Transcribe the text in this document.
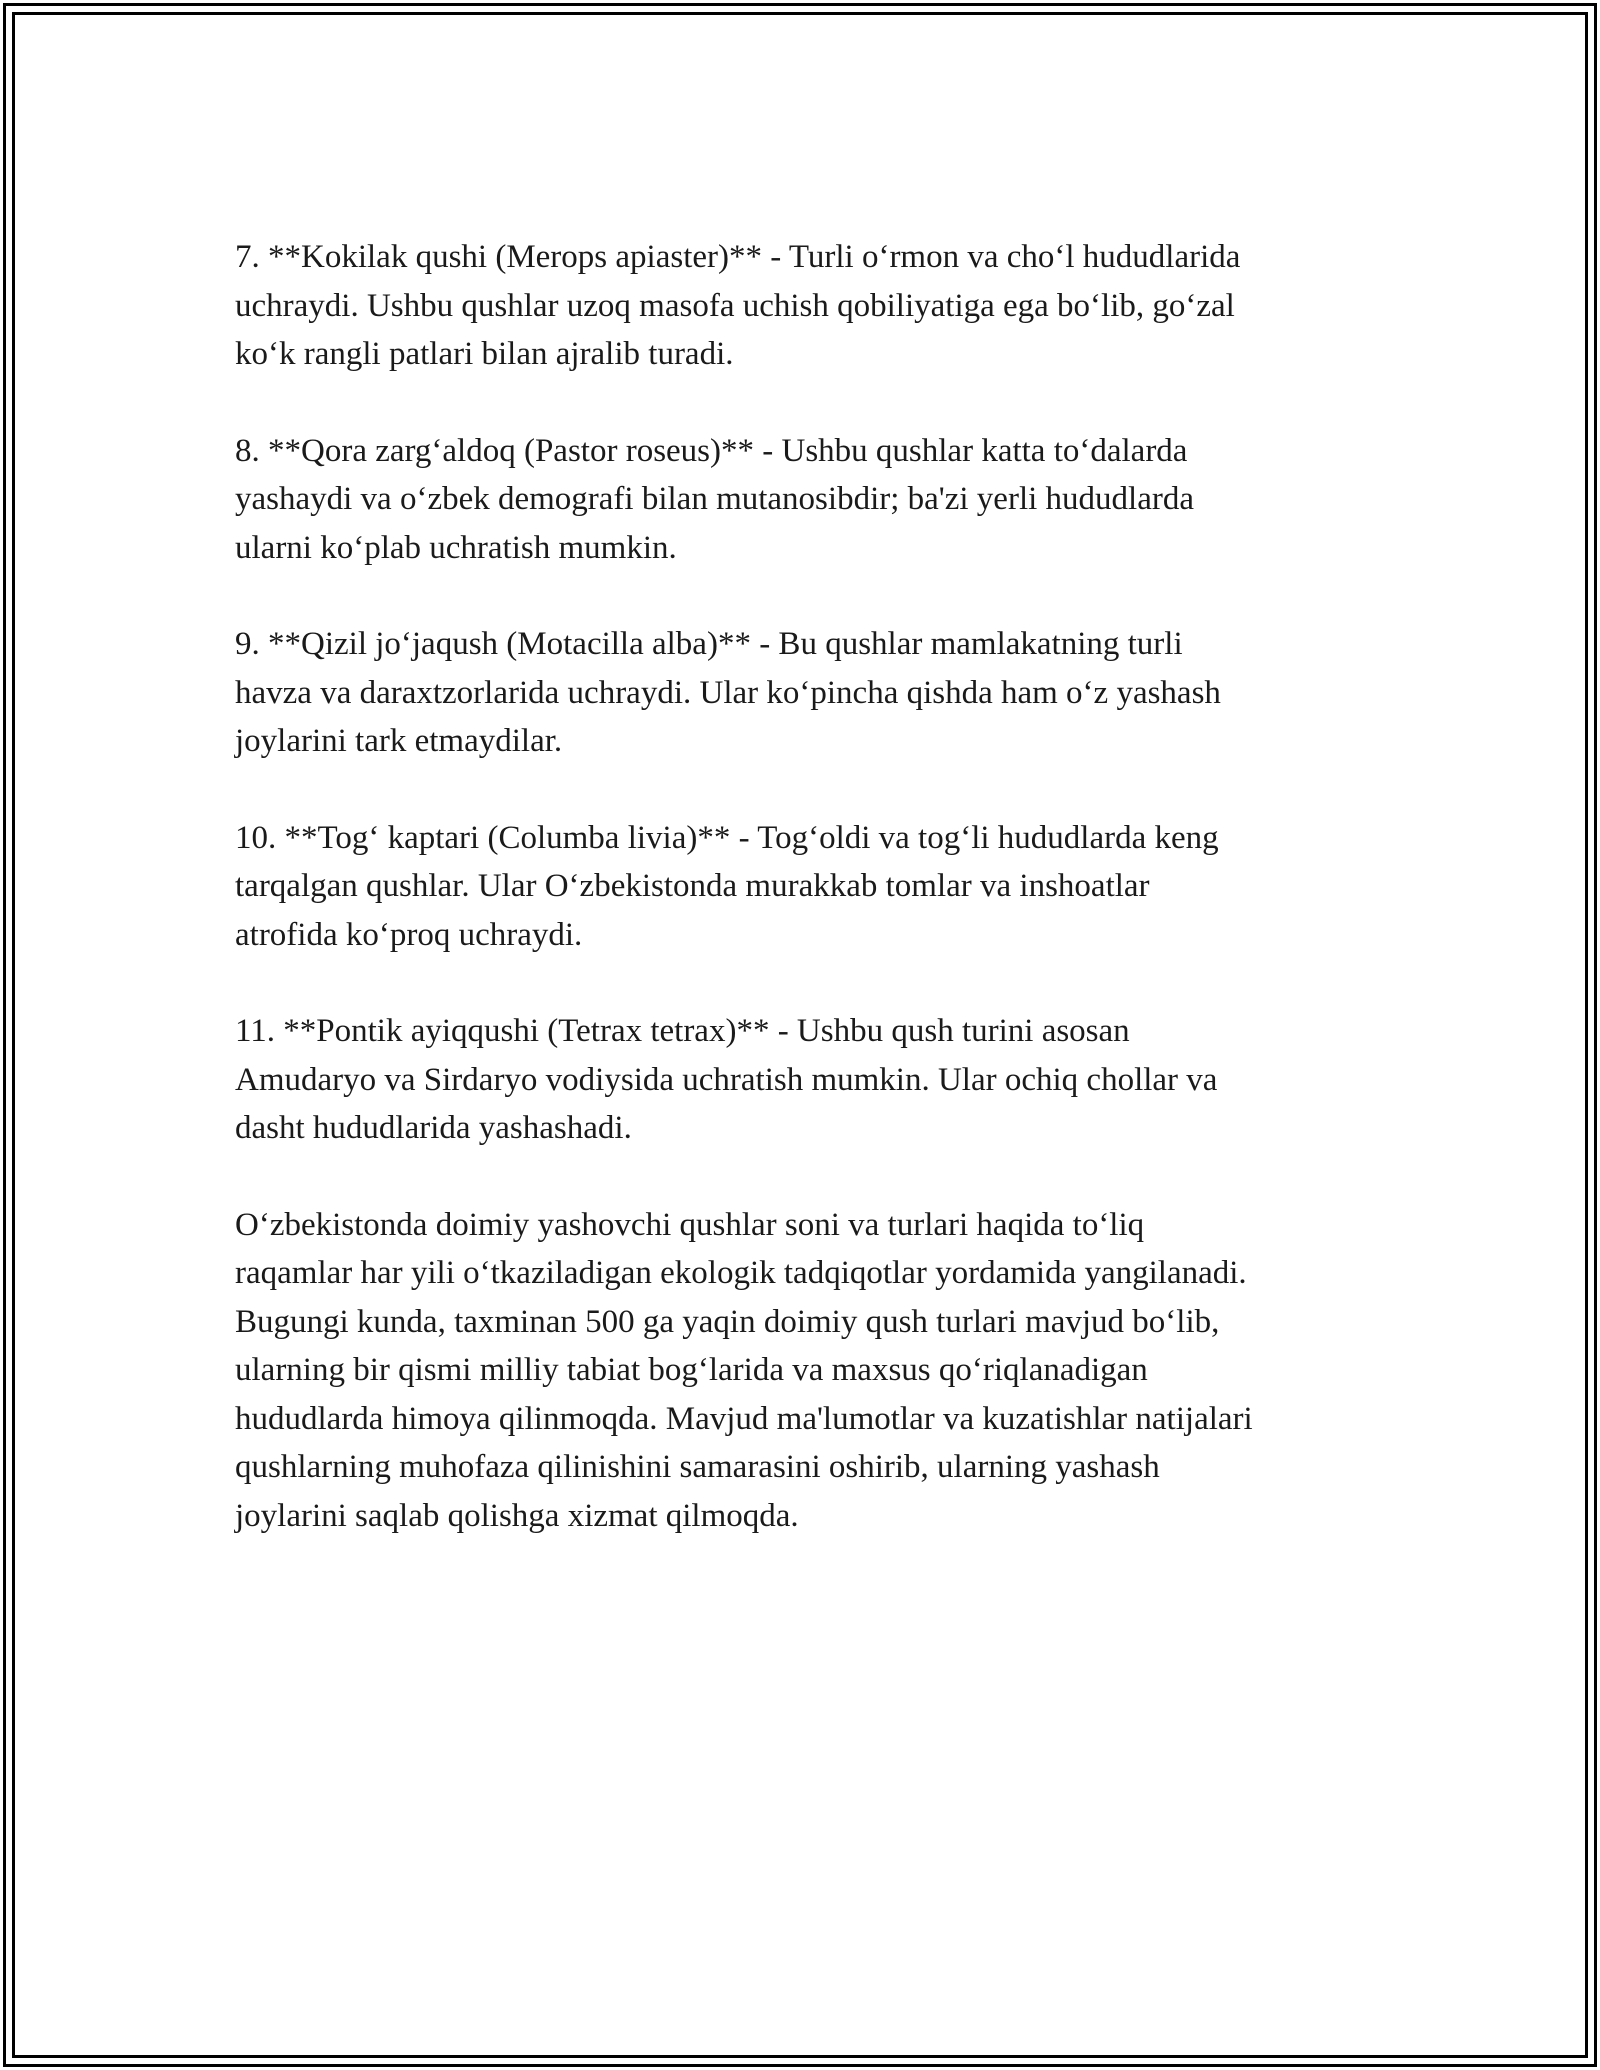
7. **Kokilak qushi (Merops apiaster)** - Turli o‘rmon va cho‘l hududlarida
uchraydi. Ushbu qushlar uzoq masofa uchish qobiliyatiga ega bo‘lib, go‘zal
ko‘k rangli patlari bilan ajralib turadi.

8. **Qora zarg‘aldoq (Pastor roseus)** - Ushbu qushlar katta to‘dalarda
yashaydi va o‘zbek demografi bilan mutanosibdir; ba'zi yerli hududlarda
ularni ko‘plab uchratish mumkin.

9. **Qizil jo‘jaqush (Motacilla alba)** - Bu qushlar mamlakatning turli
havza va daraxtzorlarida uchraydi. Ular ko‘pincha qishda ham o‘z yashash
joylarini tark etmaydilar.

10. **Tog‘ kaptari (Columba livia)** - Tog‘oldi va tog‘li hududlarda keng
tarqalgan qushlar. Ular O‘zbekistonda murakkab tomlar va inshoatlar
atrofida ko‘proq uchraydi.

11. **Pontik ayiqqushi (Tetrax tetrax)** - Ushbu qush turini asosan
Amudaryo va Sirdaryo vodiysida uchratish mumkin. Ular ochiq chollar va
dasht hududlarida yashashadi.

O‘zbekistonda doimiy yashovchi qushlar soni va turlari haqida to‘liq
raqamlar har yili o‘tkaziladigan ekologik tadqiqotlar yordamida yangilanadi.
Bugungi kunda, taxminan 500 ga yaqin doimiy qush turlari mavjud bo‘lib,
ularning bir qismi milliy tabiat bog‘larida va maxsus qo‘riqlanadigan
hududlarda himoya qilinmoqda. Mavjud ma'lumotlar va kuzatishlar natijalari
qushlarning muhofaza qilinishini samarasini oshirib, ularning yashash
joylarini saqlab qolishga xizmat qilmoqda.
